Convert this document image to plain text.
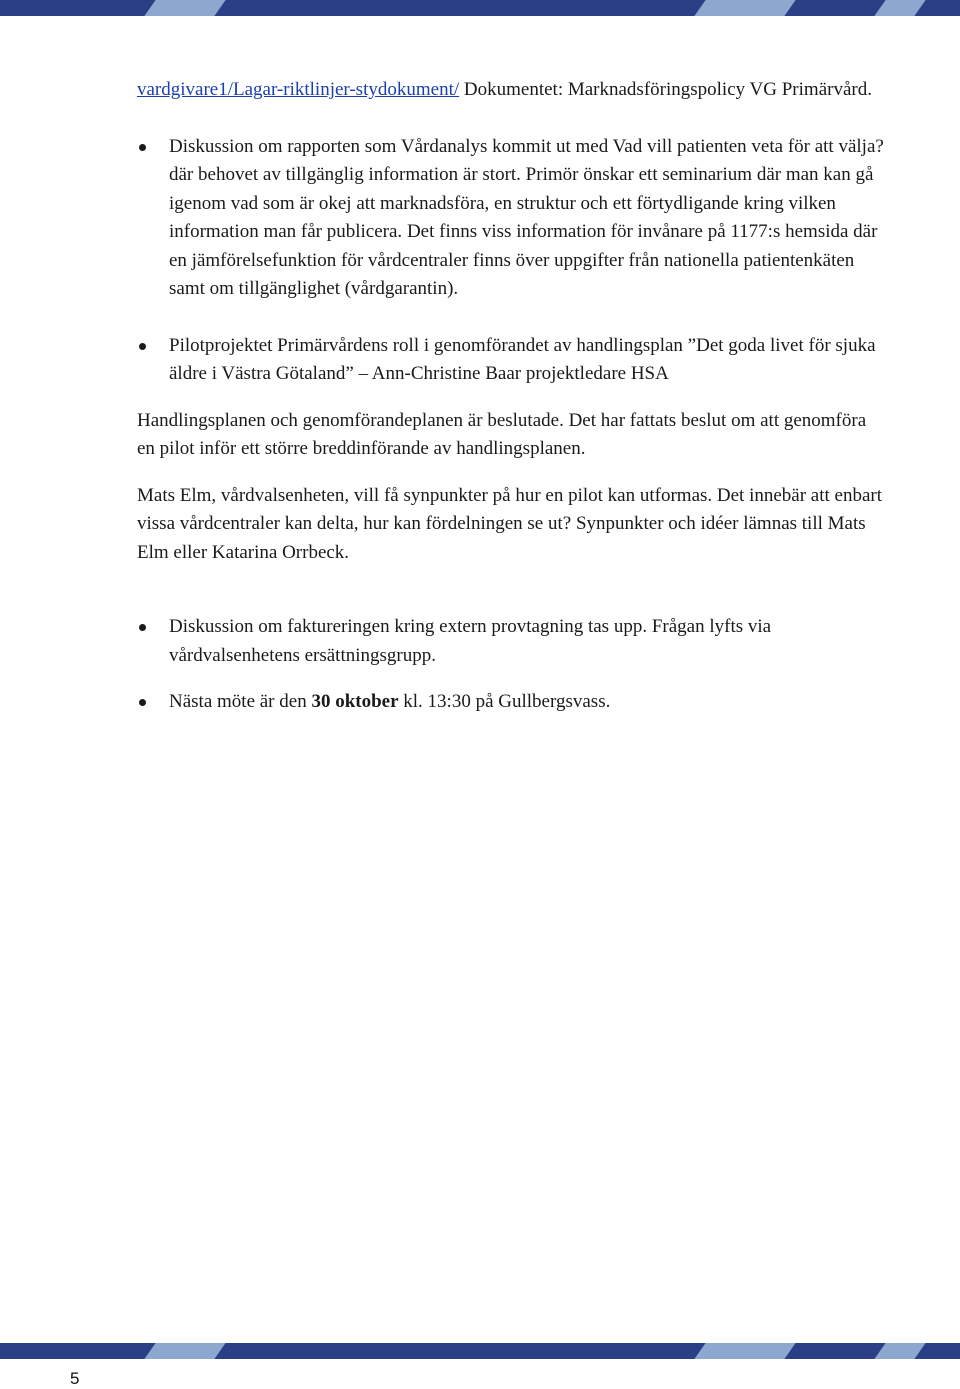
vardgivare1/Lagar-riktlinjer-stydokument/ Dokumentet: Marknadsföringspolicy VG Primärvård.

Diskussion om rapporten som Vårdanalys kommit ut med Vad vill patienten veta för att välja? där behovet av tillgänglig information är stort. Primör önskar ett seminarium där man kan gå igenom vad som är okej att marknadsföra, en struktur och ett förtydligande kring vilken information man får publicera. Det finns viss information för invånare på 1177:s hemsida där en jämförelsefunktion för vårdcentraler finns över uppgifter från nationella patientenkäten samt om tillgänglighet (vårdgarantin).
Pilotprojektet Primärvårdens roll i genomförandet av handlingsplan ”Det goda livet för sjuka äldre i Västra Götaland” – Ann-Christine Baar projektledare HSA

Handlingsplanen och genomförandeplanen är beslutade. Det har fattats beslut om att genomföra en pilot inför ett större breddinförande av handlingsplanen.

Mats Elm, vårdvalsenheten, vill få synpunkter på hur en pilot kan utformas. Det innebär att enbart vissa vårdcentraler kan delta, hur kan fördelningen se ut? Synpunkter och idéer lämnas till Mats Elm eller Katarina Orrbeck.

Diskussion om faktureringen kring extern provtagning tas upp. Frågan lyfts via vårdvalsenhetens ersättningsgrupp.
Nästa möte är den 30 oktober kl. 13:30 på Gullbergsvass.
5
